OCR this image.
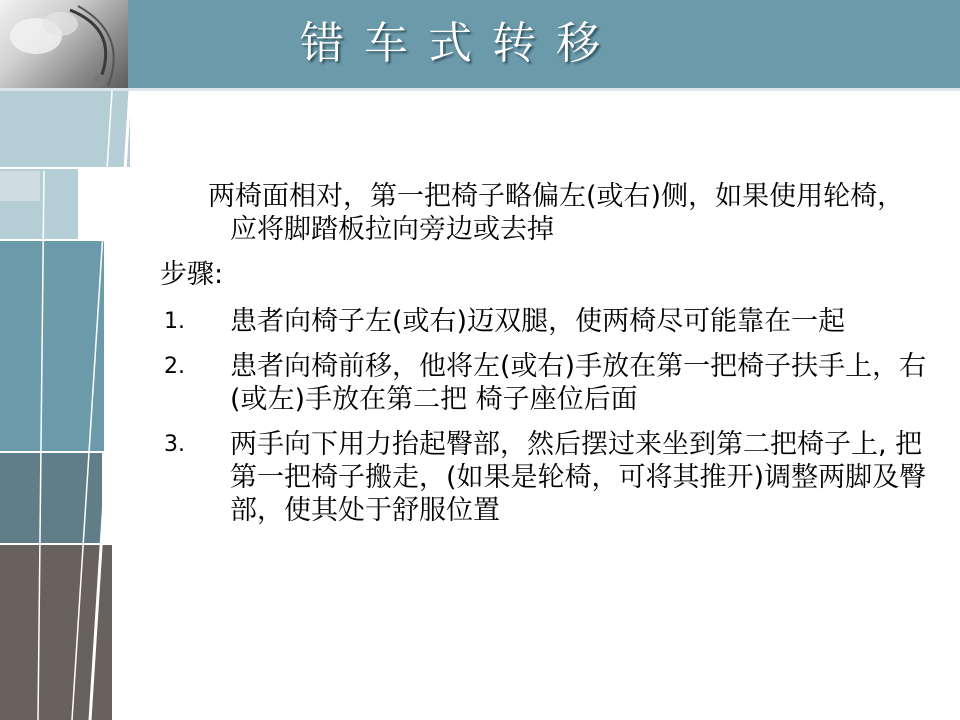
错车式转移

两椅面相对，第一把椅子略偏左(或右)侧，如果使用轮椅，应将脚踏板拉向旁边或去掉

步骤:

1. 患者向椅子左(或右)迈双腿，使两椅尽可能靠在一起
2. 患者向椅前移，他将左(或右)手放在第一把椅子扶手上，右(或左)手放在第二把 椅子座位后面
3. 两手向下用力抬起臀部，然后摆过来坐到第二把椅子上, 把第一把椅子搬走，(如果是轮椅，可将其推开)调整两脚及臀部，使其处于舒服位置
